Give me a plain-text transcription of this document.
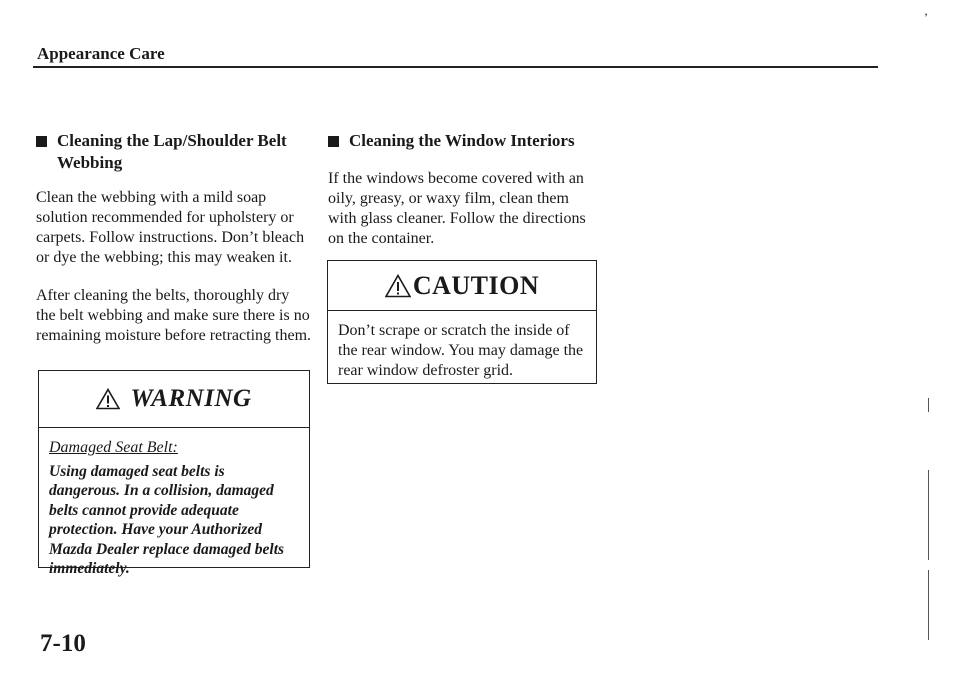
Appearance Care
’
Cleaning the Lap/Shoulder Belt Webbing
Clean the webbing with a mild soap solution recommended for upholstery or carpets. Follow instructions. Don’t bleach or dye the webbing; this may weaken it.
After cleaning the belts, thoroughly dry the belt webbing and make sure there is no remaining moisture before retracting them.
WARNING
Damaged Seat Belt:
Using damaged seat belts is dangerous. In a collision, damaged belts cannot provide adequate protection. Have your Authorized Mazda Dealer replace damaged belts immediately.
Cleaning the Window Interiors
If the windows become covered with an oily, greasy, or waxy film, clean them with glass cleaner. Follow the directions on the container.
CAUTION
Don’t scrape or scratch the inside of the rear window. You may damage the rear window defroster grid.
7-10
